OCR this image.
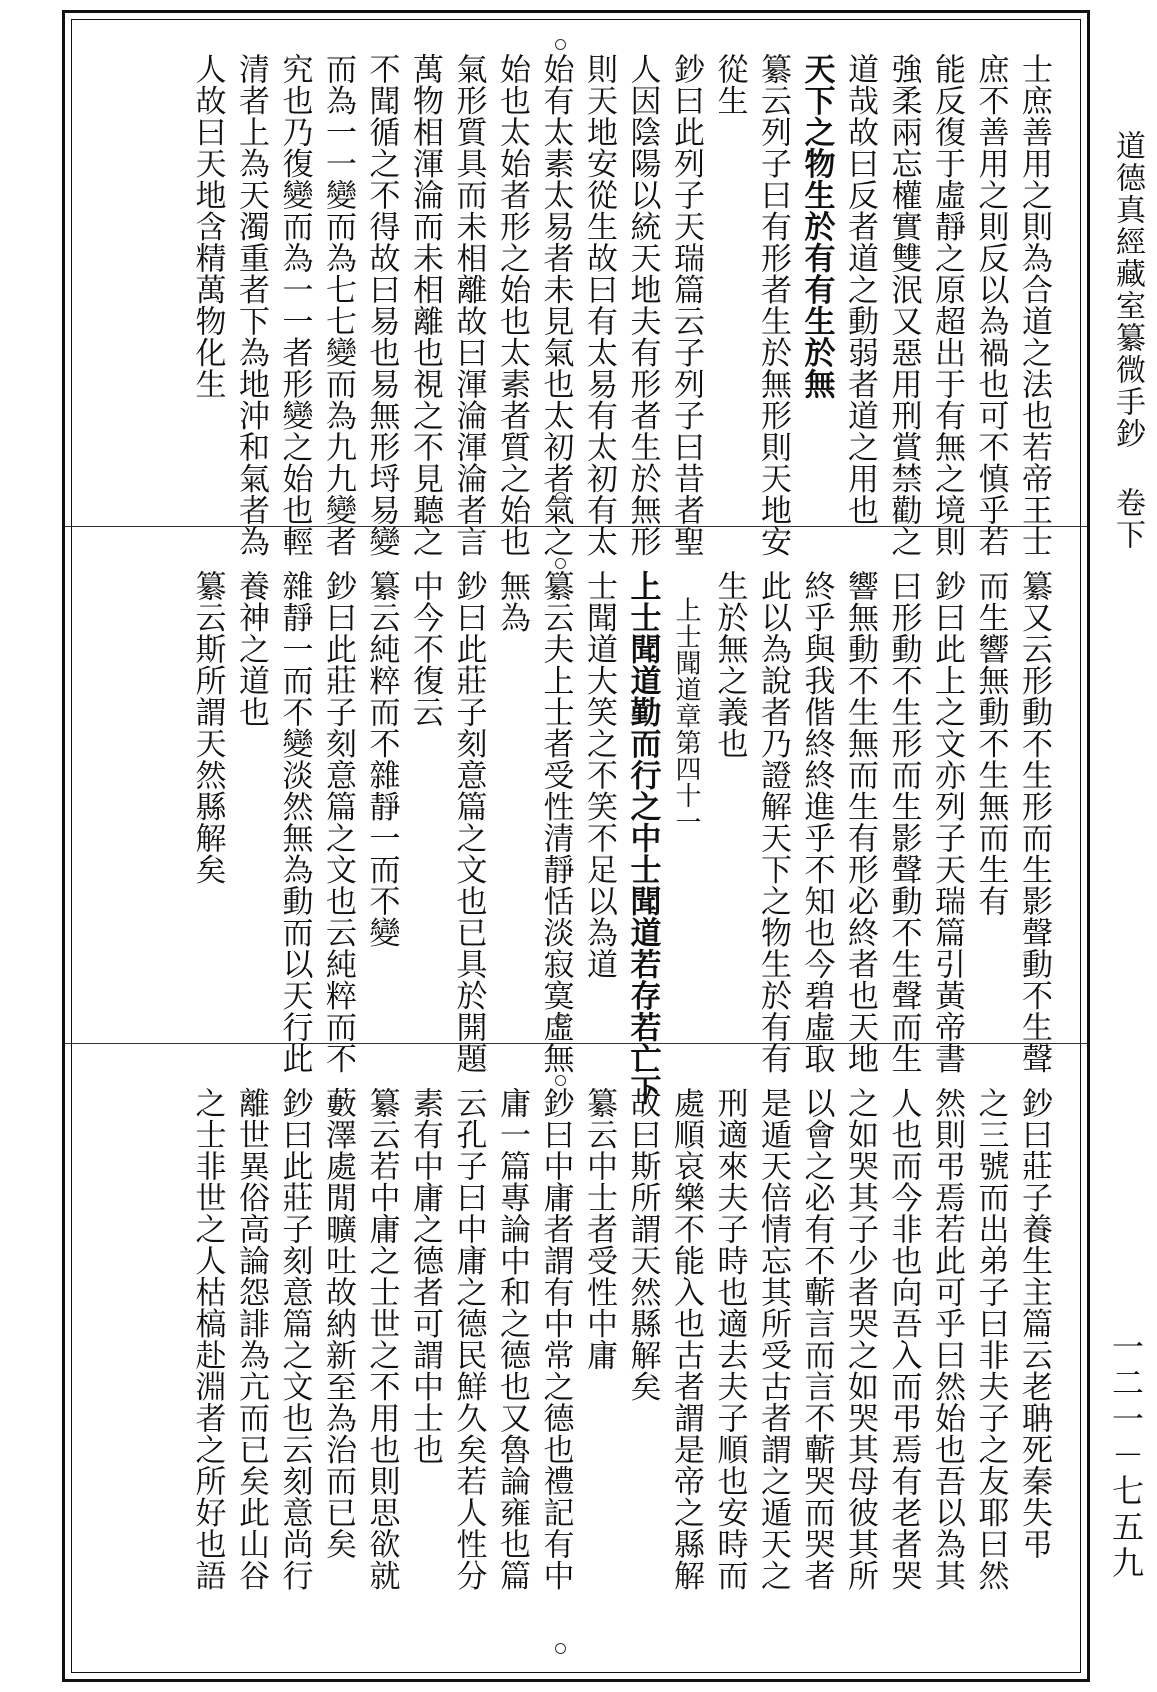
道德真經藏室纂微手鈔 卷下
一二一－七五九
士庶善用之則為合道之法也若帝王士
庶不善用之則反以為禍也可不慎乎若
能反復于虛靜之原超出于有無之境則
強柔兩忘權實雙泯又惡用刑賞禁勸之
道哉故曰反者道之動弱者道之用也
天下之物生於有有生於無
纂云列子曰有形者生於無形則天地安
從生
鈔曰此列子天瑞篇云子列子曰昔者聖
人因陰陽以統天地夫有形者生於無形
則天地安從生故曰有太易有太初有太
始有太素太易者未見氣也太初者氣之
始也太始者形之始也太素者質之始也
氣形質具而未相離故曰渾淪渾淪者言
萬物相渾淪而未相離也視之不見聽之
不聞循之不得故曰易也易無形埒易變
而為一一變而為七七變而為九九變者
究也乃復變而為一一者形變之始也輕
清者上為天濁重者下為地沖和氣者為
人故曰天地含精萬物化生
纂又云形動不生形而生影聲動不生聲
而生響無動不生無而生有
鈔曰此上之文亦列子天瑞篇引黃帝書
曰形動不生形而生影聲動不生聲而生
響無動不生無而生有形必終者也天地
終乎與我偕終終進乎不知也今碧虛取
此以為說者乃證解天下之物生於有有
生於無之義也
　上士聞道章第四十一
上士聞道勤而行之中士聞道若存若亡下
士聞道大笑之不笑不足以為道
纂云夫上士者受性清靜恬淡寂寞虛無
無為
鈔曰此莊子刻意篇之文也已具於開題
中今不復云
纂云純粹而不雜靜一而不變
鈔曰此莊子刻意篇之文也云純粹而不
雜靜一而不變淡然無為動而以天行此
養神之道也
纂云斯所謂天然縣解矣
鈔曰莊子養生主篇云老聃死秦失弔
之三號而出弟子曰非夫子之友耶曰然
然則弔焉若此可乎曰然始也吾以為其
人也而今非也向吾入而弔焉有老者哭
之如哭其子少者哭之如哭其母彼其所
以會之必有不蘄言而言不蘄哭而哭者
是遁天倍情忘其所受古者謂之遁天之
刑適來夫子時也適去夫子順也安時而
處順哀樂不能入也古者謂是帝之縣解
故曰斯所謂天然縣解矣
纂云中士者受性中庸
鈔曰中庸者謂有中常之德也禮記有中
庸一篇專論中和之德也又魯論雍也篇
云孔子曰中庸之德民鮮久矣若人性分
素有中庸之德者可謂中士也
纂云若中庸之士世之不用也則思欲就
藪澤處閒曠吐故納新至為治而已矣
鈔曰此莊子刻意篇之文也云刻意尚行
離世異俗高論怨誹為亢而已矣此山谷
之士非世之人枯槁赴淵者之所好也語
